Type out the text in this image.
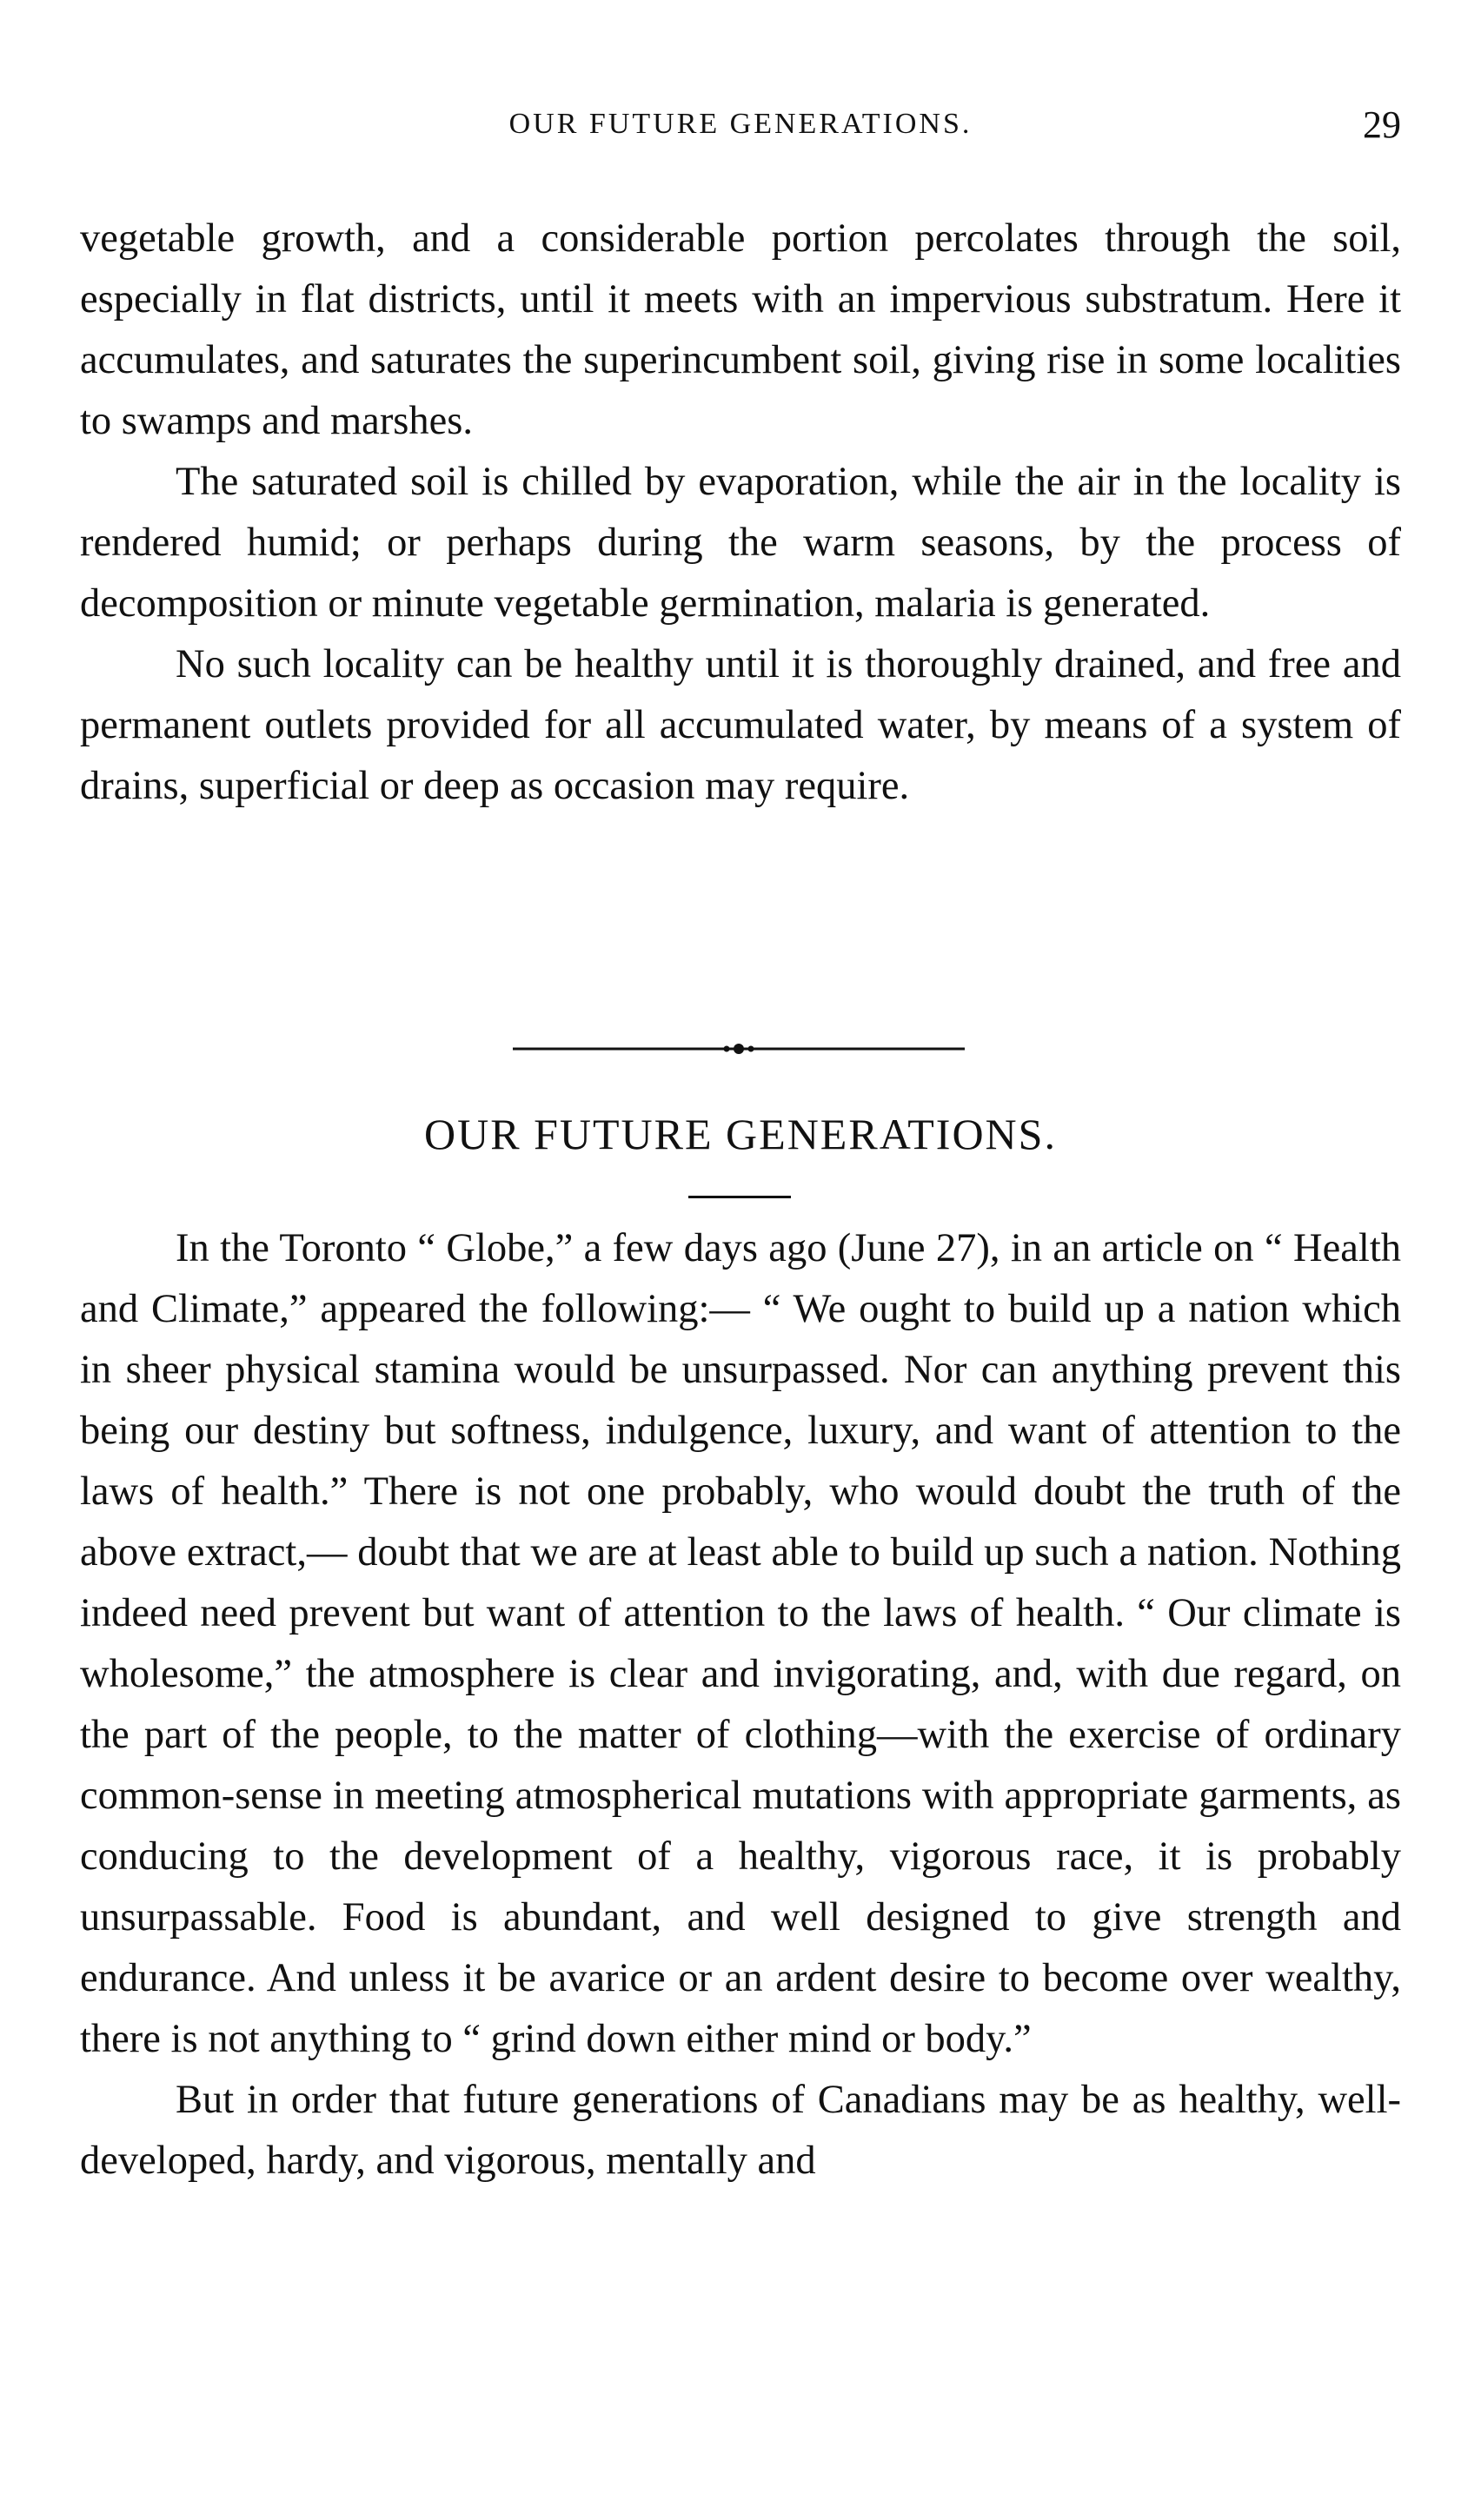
OUR FUTURE GENERATIONS.	29

vegetable growth, and a considerable portion percolates through the soil, especially in flat districts, until it meets with an impervious substratum. Here it accumulates, and saturates the superincumbent soil, giving rise in some localities to swamps and marshes.

The saturated soil is chilled by evaporation, while the air in the locality is rendered humid; or perhaps during the warm seasons, by the process of decomposition or minute vegetable germination, malaria is generated.

No such locality can be healthy until it is thoroughly drained, and free and permanent outlets provided for all accumulated water, by means of a system of drains, superficial or deep as occasion may require.

OUR FUTURE GENERATIONS.

In the Toronto “ Globe,” a few days ago (June 27), in an article on “ Health and Climate,” appeared the following:— “ We ought to build up a nation which in sheer physical stamina would be unsurpassed. Nor can anything prevent this being our destiny but softness, indulgence, luxury, and want of attention to the laws of health.” There is not one probably, who would doubt the truth of the above extract,— doubt that we are at least able to build up such a nation. Nothing indeed need prevent but want of attention to the laws of health. “ Our climate is wholesome,” the atmosphere is clear and invigorating, and, with due regard, on the part of the people, to the matter of clothing—with the exercise of ordinary common-sense in meeting atmospherical mutations with appropriate garments, as conducing to the development of a healthy, vigorous race, it is probably unsurpassable. Food is abundant, and well designed to give strength and endurance. And unless it be avarice or an ardent desire to become over wealthy, there is not anything to “ grind down either mind or body.”

But in order that future generations of Canadians may be as healthy, well-developed, hardy, and vigorous, mentally and
